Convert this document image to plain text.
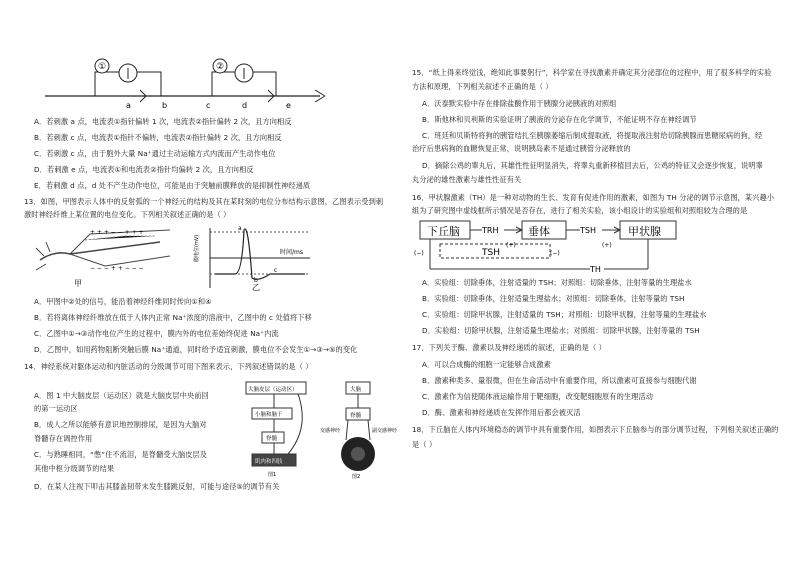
①	②
a	b	c	d	e
A．若刺激 a 点，电流表①指针偏转 1 次，电流表②指针偏转 2 次，且方向相反
B．若刺激 c 点，电流表①指针不偏转，电流表②指针偏转 2 次，且方向相反
C．若刺激 c 点，由于胞外大量 Na⁺通过主动运输方式内流而产生动作电位
D．若刺激 e 点，电流表①和电流表②指针均偏转 2 次，且方向相反
E．若刺激 d 点，d 处不产生动作电位，可能是由于突触前膜释放的是抑制性神经递质
13．如图，甲图表示人体中的反射弧的一个神经元的结构及其在某时刻的电位分布结构示意图，乙图表示受到刺
激时神经纤维上某位置的电位变化。下列相关叙述正确的是（ ）
+ + + − − + + +
− − − + + − − −
甲
膜电位(mV)	时间/ms
a
b
c
乙
A．甲图中②处的信号，能沿着神经纤维同时传向①和④
B．若将离体神经纤维放在低于人体内正常 Na⁺浓度的溶液中，乙图中的 c 处值将下移
C．乙图中①→③动作电位产生的过程中，膜内外的电位差始终促进 Na⁺内流
D．乙图中，如用药物阻断突触后膜 Na⁺通道，同时给予适宜刺激，膜电位不会发生①→③→⑤的变化
14．神经系统对躯体运动和内脏活动的分级调节可用下图来表示，下列叙述错误的是（ ）
A．图 1 中大脑皮层（运动区）就是大脑皮层中央前回
的第一运动区
B．成人之所以能够有意识地控制排尿，是因为大脑对
脊髓存在调控作用
C．与熟睡相同，“憋”住不流泪，是脊髓受大脑皮层及
其他中枢分级调节的结果
D．在某人注视下叩击其膝盖韧带未发生膝跳反射，可能与途径⑤的调节有关
大脑皮层（运动区）
小脑和脑干
脊髓
肌肉和四肢
图1
大脑
脊髓
交感神经	副交感神经
图2
15．“纸上得来终觉浅，绝知此事要躬行”，科学家在寻找激素并确定其分泌部位的过程中，用了很多科学的实验
方法和原理，下列相关叙述不正确的是（ ）
A．沃泰默实验中存在排除盐酸作用于胰腺分泌胰液的对照组
B．斯他林和贝利斯的实验证明了胰液的分泌存在化学调节，不能证明不存在神经调节
C．班廷和贝斯特将狗的胰管结扎至胰腺萎缩后制成提取液，将提取液注射给切除胰腺而患糖尿病的狗，经
治疗后患病狗的血糖恢复正常，说明胰岛素不是通过胰管分泌释放的
D．摘除公鸡的睾丸后，其雄性性征明显消失，将睾丸重新移植回去后，公鸡的特征又会逐步恢复，说明睾
丸分泌的雄性激素与雄性性征有关
16．甲状腺激素（TH）是一种对动物的生长、发育有促进作用的激素，如图为 TH 分泌的调节示意图，某兴趣小
组为了研究图中虚线框所示情况是否存在，进行了相关实验，该小组设计的实验组和对照组较为合理的是
下丘脑	垂体	甲状腺
TRH	TSH
(+)	(+)
TSH
(−)	(−)
TH
A．实验组：切除垂体，注射适量的 TSH；对照组：切除垂体，注射等量的生理盐水
B．实验组：切除垂体，注射适量生理盐水；对照组：切除垂体，注射等量的 TSH
C．实验组：切除甲状腺，注射适量的 TSH；对照组：切除甲状腺，注射等量的生理盐水
D．实验组：切除甲状腺，注射适量生理盐水；对照组：切除甲状腺，注射等量的 TSH
17．下列关于酶、激素以及神经递质的叙述，正确的是（ ）
A．可以合成酶的细胞一定能够合成激素
B．激素种类多、量很微，但在生命活动中有重要作用，所以激素可直接参与细胞代谢
C．激素作为信使随体液运输作用于靶细胞，改变靶细胞原有的生理活动
D．酶、激素和神经递质在发挥作用后都会被灭活
18．下丘脑在人体内环境稳态的调节中具有重要作用，如图表示下丘脑参与的部分调节过程，下列相关叙述正确的
是（ ）
